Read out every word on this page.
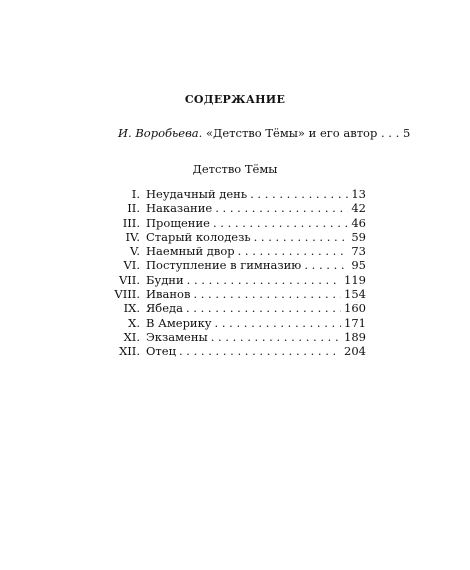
СОДЕРЖАНИЕ
И. Воробьева. «Детство Тёмы» и его автор . . . 5
Детство Тёмы
I. Неудачный день . . .	13
II. Наказание . . .	42
III. Прощение . . .	46
IV. Старый колодезь . . .	59
V. Наемный двор . . .	73
VI. Поступление в гимназию . . .	95
VII. Будни . . .	119
VIII. Иванов . . .	154
IX. Ябеда . . .	160
X. В Америку . . .	171
XI. Экзамены . . .	189
XII. Отец . . .	204
